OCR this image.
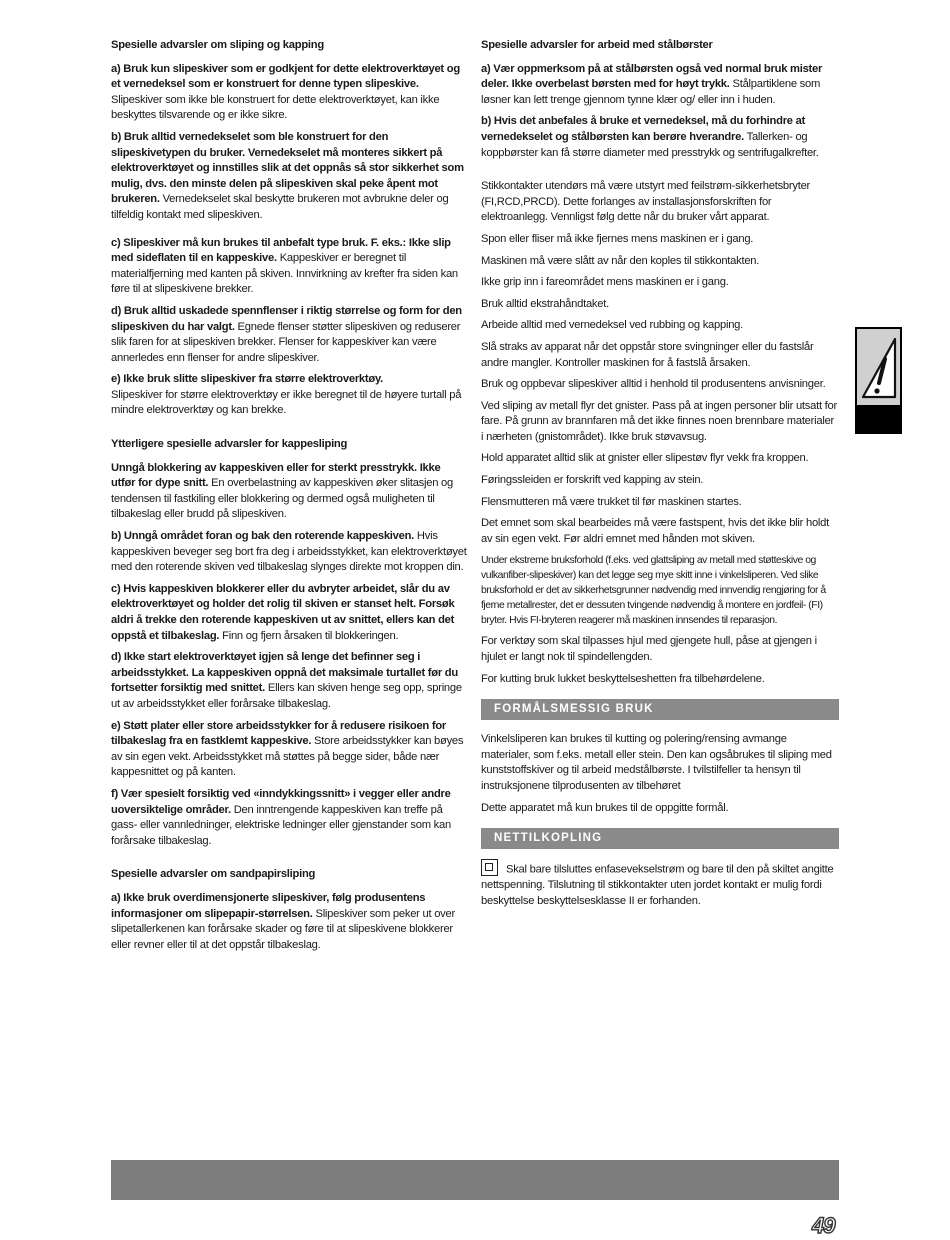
Spesielle advarsler om sliping og kapping
a) Bruk kun slipeskiver som er godkjent for dette elektroverktøyet og et vernedeksel som er konstruert for denne typen slipeskive. Slipeskiver som ikke ble konstruert for dette elektroverktøyet, kan ikke beskyttes tilsvarende og er ikke sikre.
b) Bruk alltid vernedekselet som ble konstruert for den slipeskivetypen du bruker. Vernedekselet må monteres sikkert på elektroverktøyet og innstilles slik at det oppnås så stor sikkerhet som mulig, dvs. den minste delen på slipeskiven skal peke åpent mot brukeren. Vernedekselet skal beskytte brukeren mot avbrukne deler og tilfeldig kontakt med slipeskiven.
c) Slipeskiver må kun brukes til anbefalt type bruk. F. eks.: Ikke slip med sideflaten til en kappeskive. Kappeskiver er beregnet til materialfjerning med kanten på skiven. Innvirkning av krefter fra siden kan føre til at slipeskivene brekker.
d) Bruk alltid uskadede spennflenser i riktig størrelse og form for den slipeskiven du har valgt. Egnede flenser støtter slipeskiven og reduserer slik faren for at slipeskiven brekker. Flenser for kappeskiver kan være annerledes enn flenser for andre slipeskiver.
e) Ikke bruk slitte slipeskiver fra større elektroverktøy.
Slipeskiver for større elektroverktøy er ikke beregnet til de høyere turtall på mindre elektroverktøy og kan brekke.
Ytterligere spesielle advarsler for kappesliping
Unngå blokkering av kappeskiven eller for sterkt presstrykk. Ikke utfør for dype snitt. En overbelastning av kappeskiven øker slitasjen og tendensen til fastkiling eller blokkering og dermed også muligheten til tilbakeslag eller brudd på slipeskiven.
b) Unngå området foran og bak den roterende kappeskiven. Hvis kappeskiven beveger seg bort fra deg i arbeidsstykket, kan elektroverktøyet med den roterende skiven ved tilbakeslag slynges direkte mot kroppen din.
c) Hvis kappeskiven blokkerer eller du avbryter arbeidet, slår du av elektroverktøyet og holder det rolig til skiven er stanset helt. Forsøk aldri å trekke den roterende kappeskiven ut av snittet, ellers kan det oppstå et tilbakeslag. Finn og fjern årsaken til blokkeringen.
d) Ikke start elektroverktøyet igjen så lenge det befinner seg i arbeidsstykket. La kappeskiven oppnå det maksimale turtallet før du fortsetter forsiktig med snittet. Ellers kan skiven henge seg opp, springe ut av arbeidsstykket eller forårsake tilbakeslag.
e) Støtt plater eller store arbeidsstykker for å redusere risikoen for tilbakeslag fra en fastklemt kappeskive. Store arbeidsstykker kan bøyes av sin egen vekt. Arbeidsstykket må støttes på begge sider, både nær kappesnittet og på kanten.
f) Vær spesielt forsiktig ved «inndykkingssnitt» i vegger eller andre uoversiktelige områder. Den inntrengende kappeskiven kan treffe på gass- eller vannledninger, elektriske ledninger eller gjenstander som kan forårsake tilbakeslag.
Spesielle advarsler om sandpapirsliping
a) Ikke bruk overdimensjonerte slipeskiver, følg produsentens informasjoner om slipepapir-størrelsen. Slipeskiver som peker ut over slipetallerkenen kan forårsake skader og føre til at slipeskivene blokkerer eller revner eller til at det oppstår tilbakeslag.
Spesielle advarsler for arbeid med stålbørster
a) Vær oppmerksom på at stålbørsten også ved normal bruk mister deler. Ikke overbelast børsten med for høyt trykk. Stålpartiklene som løsner kan lett trenge gjennom tynne klær og/ eller inn i huden.
b) Hvis det anbefales å bruke et vernedeksel, må du forhindre at vernedekselet og stålbørsten kan berøre hverandre. Tallerken- og koppbørster kan få større diameter med presstrykk og sentrifugalkrefter.
Stikkontakter utendørs må være utstyrt med feilstrøm-sikkerhetsbryter (FI,RCD,PRCD). Dette forlanges av installasjonsforskriften for elektroanlegg. Vennligst følg dette når du bruker vårt apparat.
Spon eller fliser må ikke fjernes mens maskinen er i gang.
Maskinen må være slått av når den koples til stikkontakten.
Ikke grip inn i fareområdet mens maskinen er i gang.
Bruk alltid ekstrahåndtaket.
Arbeide alltid med vernedeksel ved rubbing og kapping.
Slå straks av apparat når det oppstår store svingninger eller du fastslår andre mangler. Kontroller maskinen for å fastslå årsaken.
Bruk og oppbevar slipeskiver alltid i henhold til produsentens anvisninger.
Ved sliping av metall flyr det gnister. Pass på at ingen personer blir utsatt for fare. På grunn av brannfaren må det ikke finnes noen brennbare materialer i nærheten (gnistområdet). Ikke bruk støvavsug.
Hold apparatet alltid slik at gnister eller slipestøv flyr vekk fra kroppen.
Føringssleiden er forskrift ved kapping av stein.
Flensmutteren må være trukket til før maskinen startes.
Det emnet som skal bearbeides må være fastspent, hvis det ikke blir holdt av sin egen vekt. Før aldri emnet med hånden mot skiven.
Under ekstreme bruksforhold (f.eks. ved glattsliping av metall med støtteskive og vulkanfiber-slipeskiver) kan det legge seg mye skitt inne i vinkelsliperen. Ved slike bruksforhold er det av sikkerhetsgrunner nødvendig med innvendig rengjøring for å fjerne metallrester, det er dessuten tvingende nødvendig å montere en jordfeil- (FI) bryter. Hvis FI-bryteren reagerer må maskinen innsendes til reparasjon.
For verktøy som skal tilpasses hjul med gjengete hull, påse at gjengen i hjulet er langt nok til spindellengden.
For kutting bruk lukket beskyttelseshetten fra tilbehørdelene.
FORMÅLSMESSIG BRUK
Vinkelsliperen kan brukes til kutting og polering/rensing avmange materialer, som f.eks. metall eller stein. Den kan ogsåbrukes til sliping med kunststoffskiver og til arbeid medstålbørste. I tvilstilfeller ta hensyn til instruksjonene tilprodusenten av tilbehøret
Dette apparatet må kun brukes til de oppgitte formål.
NETTILKOPLING
Skal bare tilsluttes enfasevekselstrøm og bare til den på skiltet angitte nettspenning. Tilslutning til stikkontakter uten jordet kontakt er mulig fordi beskyttelse beskyttelsesklasse II er forhanden.
49
